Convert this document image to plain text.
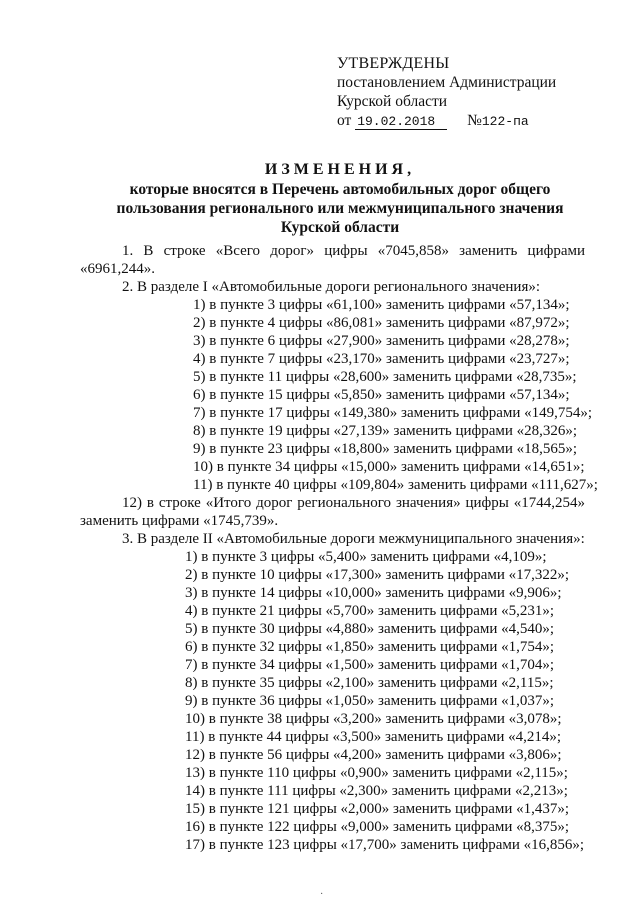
УТВЕРЖДЕНЫ
постановлением Администрации
Курской области
от 19.02.2018 №122-па
ИЗМЕНЕНИЯ,
которые вносятся в Перечень автомобильных дорог общего
пользования регионального или межмуниципального значения
Курской области

1. В строке «Всего дорог» цифры «7045,858» заменить цифрами «6961,244».

2. В разделе I «Автомобильные дороги регионального значения»:

1) в пункте 3 цифры «61,100» заменить цифрами «57,134»;
2) в пункте 4 цифры «86,081» заменить цифрами «87,972»;
3) в пункте 6 цифры «27,900» заменить цифрами «28,278»;
4) в пункте 7 цифры «23,170» заменить цифрами «23,727»;
5) в пункте 11 цифры «28,600» заменить цифрами «28,735»;
6) в пункте 15 цифры «5,850» заменить цифрами «57,134»;
7) в пункте 17 цифры «149,380» заменить цифрами «149,754»;
8) в пункте 19 цифры «27,139» заменить цифрами «28,326»;
9) в пункте 23 цифры «18,800» заменить цифрами «18,565»;
10) в пункте 34 цифры «15,000» заменить цифрами «14,651»;
11) в пункте 40 цифры «109,804» заменить цифрами «111,627»;

12) в строке «Итого дорог регионального значения» цифры «1744,254» заменить цифрами «1745,739».

3. В разделе II «Автомобильные дороги межмуниципального значения»:

1) в пункте 3 цифры «5,400» заменить цифрами «4,109»;
2) в пункте 10 цифры «17,300» заменить цифрами «17,322»;
3) в пункте 14 цифры «10,000» заменить цифрами «9,906»;
4) в пункте 21 цифры «5,700» заменить цифрами «5,231»;
5) в пункте 30 цифры «4,880» заменить цифрами «4,540»;
6) в пункте 32 цифры «1,850» заменить цифрами «1,754»;
7) в пункте 34 цифры «1,500» заменить цифрами «1,704»;
8) в пункте 35 цифры «2,100» заменить цифрами «2,115»;
9) в пункте 36 цифры «1,050» заменить цифрами «1,037»;
10) в пункте 38 цифры «3,200» заменить цифрами «3,078»;
11) в пункте 44 цифры «3,500» заменить цифрами «4,214»;
12) в пункте 56 цифры «4,200» заменить цифрами «3,806»;
13) в пункте 110 цифры «0,900» заменить цифрами «2,115»;
14) в пункте 111 цифры «2,300» заменить цифрами «2,213»;
15) в пункте 121 цифры «2,000» заменить цифрами «1,437»;
16) в пункте 122 цифры «9,000» заменить цифрами «8,375»;
17) в пункте 123 цифры «17,700» заменить цифрами «16,856»;
·
